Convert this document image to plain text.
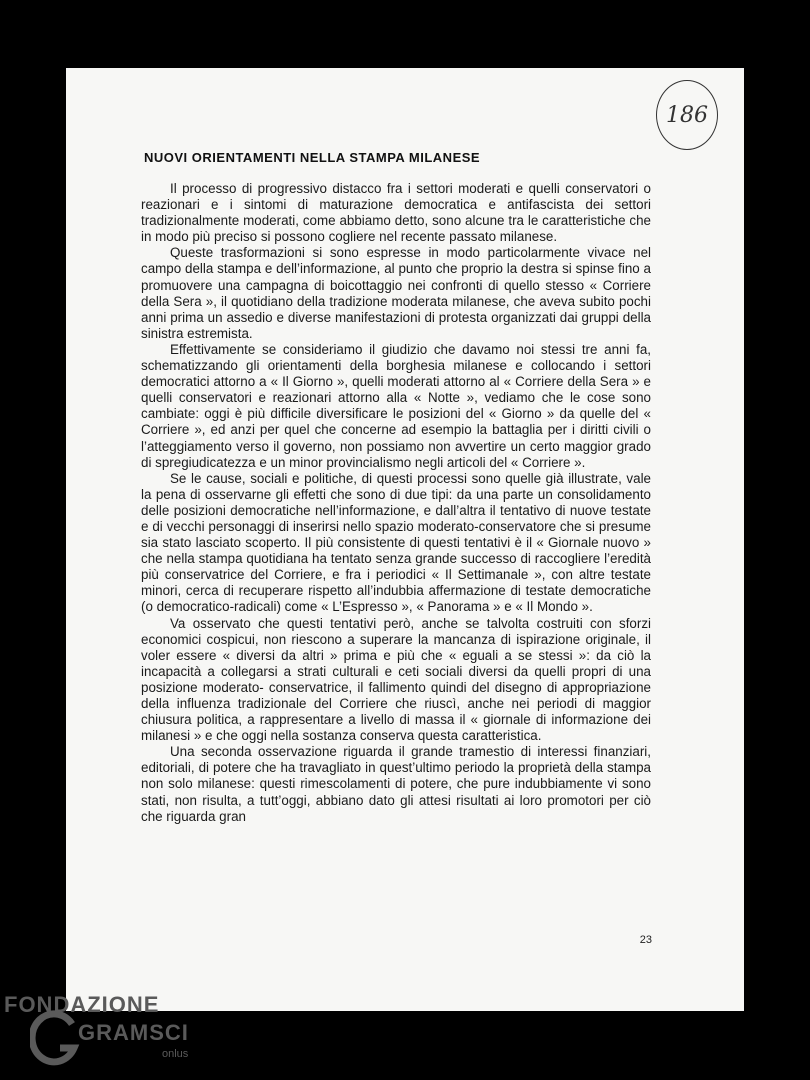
186
NUOVI ORIENTAMENTI NELLA STAMPA MILANESE

Il processo di progressivo distacco fra i settori moderati e quelli conservatori o reazionari e i sintomi di maturazione democratica e antifascista dei settori tradizionalmente moderati, come abbiamo detto, sono alcune tra le caratteristiche che in modo più preciso si possono cogliere nel recente passato milanese.

Queste trasformazioni si sono espresse in modo particolarmente vivace nel campo della stampa e dell’informazione, al punto che proprio la destra si spinse fino a promuovere una campagna di boicottaggio nei confronti di quello stesso « Corriere della Sera », il quotidiano della tradizione moderata milanese, che aveva subito pochi anni prima un assedio e diverse manifestazioni di protesta organizzati dai gruppi della sinistra estremista.

Effettivamente se consideriamo il giudizio che davamo noi stessi tre anni fa, schematizzando gli orientamenti della borghesia milanese e collocando i settori democratici attorno a « Il Giorno », quelli moderati attorno al « Corriere della Sera » e quelli conservatori e reazionari attorno alla « Notte », vediamo che le cose sono cambiate: oggi è più difficile diversificare le posizioni del « Giorno » da quelle del « Corriere », ed anzi per quel che concerne ad esempio la battaglia per i diritti civili o l’atteggiamento verso il governo, non possiamo non avvertire un certo maggior grado di spregiudicatezza e un minor provincialismo negli articoli del « Corriere ».

Se le cause, sociali e politiche, di questi processi sono quelle già illustrate, vale la pena di osservarne gli effetti che sono di due tipi: da una parte un consolidamento delle posizioni democratiche nell’informazione, e dall’altra il tentativo di nuove testate e di vecchi personaggi di inserirsi nello spazio moderato-conservatore che si presume sia stato lasciato scoperto. Il più consistente di questi tentativi è il « Giornale nuovo » che nella stampa quotidiana ha tentato senza grande successo di raccogliere l’eredità più conservatrice del Corriere, e fra i periodici « Il Settimanale », con altre testate minori, cerca di recuperare rispetto all’indubbia affermazione di testate democratiche (o democratico-radicali) come « L’Espresso », « Panorama » e « Il Mondo ».

Va osservato che questi tentativi però, anche se talvolta costruiti con sforzi economici cospicui, non riescono a superare la mancanza di ispirazione originale, il voler essere « diversi da altri » prima e più che « eguali a se stessi »: da ciò la incapacità a collegarsi a strati culturali e ceti sociali diversi da quelli propri di una posizione moderato- conservatrice, il fallimento quindi del disegno di appropriazione della influenza tradizionale del Corriere che riuscì, anche nei periodi di maggior chiusura politica, a rappresentare a livello di massa il « giornale di informazione dei milanesi » e che oggi nella sostanza conserva questa caratteristica.

Una seconda osservazione riguarda il grande tramestio di interessi finanziari, editoriali, di potere che ha travagliato in quest’ultimo periodo la proprietà della stampa non solo milanese: questi rimescolamenti di potere, che pure indubbiamente vi sono stati, non risulta, a tutt’oggi, abbiano dato gli attesi risultati ai loro promotori per ciò che riguarda gran

23
FONDAZIONE
GRAMSCI
onlus
